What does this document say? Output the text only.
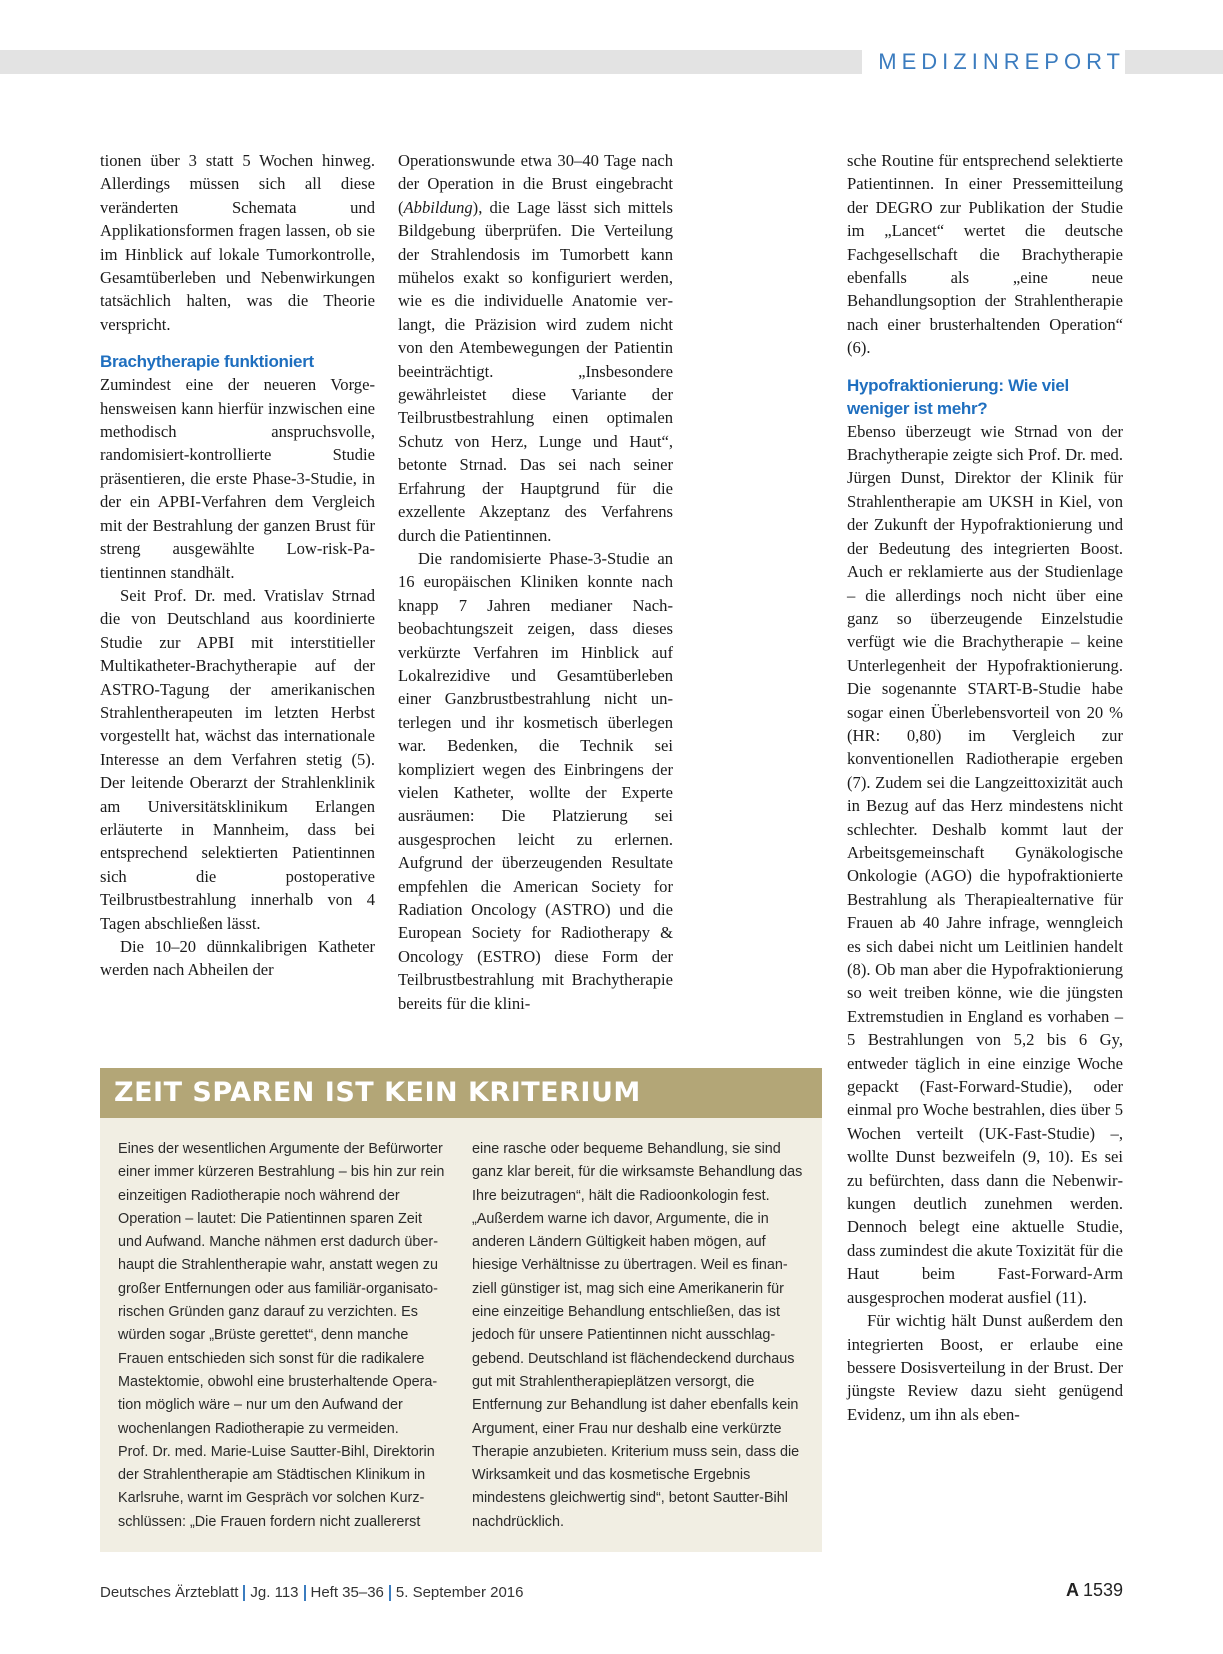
MEDIZINREPORT

tionen über 3 statt 5 Wochen hinweg. Allerdings müssen sich all diese veränderten Schemata und Applikationsformen fragen lassen, ob sie im Hinblick auf lokale Tumorkontrolle, Gesamtüberleben und Nebenwirkungen tatsächlich halten, was die Theorie verspricht.

Brachytherapie funktioniert

Zumindest eine der neueren Vorgehensweisen kann hierfür inzwischen eine methodisch anspruchsvolle, randomisiert-kontrollierte Studie präsentieren, die erste Phase-3-Studie, in der ein APBI-Verfahren dem Vergleich mit der Bestrahlung der ganzen Brust für streng ausgewählte Low-risk-Patientinnen standhält.

Seit Prof. Dr. med. Vratislav Strnad die von Deutschland aus koordinierte Studie zur APBI mit interstitieller Multikatheter-Brachytherapie auf der ASTRO-Tagung der amerikanischen Strahlentherapeuten im letzten Herbst vorgestellt hat, wächst das internationale Interesse an dem Verfahren stetig (5). Der leitende Oberarzt der Strahlenklinik am Universitätsklinikum Erlangen erläuterte in Mannheim, dass bei entsprechend selektierten Patientinnen sich die postoperative Teilbrustbestrahlung innerhalb von 4 Tagen abschließen lässt.

Die 10–20 dünnkalibrigen Katheter werden nach Abheilen der

Operationswunde etwa 30–40 Tage nach der Operation in die Brust eingebracht (Abbildung), die Lage lässt sich mittels Bildgebung überprüfen. Die Verteilung der Strahlendosis im Tumorbett kann mühelos exakt so konfiguriert werden, wie es die individuelle Anatomie verlangt, die Präzision wird zudem nicht von den Atembewegungen der Patientin beeinträchtigt. „Insbesondere gewährleistet diese Variante der Teilbrustbestrahlung einen optimalen Schutz von Herz, Lunge und Haut“, betonte Strnad. Das sei nach seiner Erfahrung der Hauptgrund für die exzellente Akzeptanz des Verfahrens durch die Patientinnen.

Die randomisierte Phase-3-Studie an 16 europäischen Kliniken konnte nach knapp 7 Jahren medianer Nachbeobachtungszeit zeigen, dass dieses verkürzte Verfahren im Hinblick auf Lokalrezidive und Gesamtüberleben einer Ganzbrustbestrahlung nicht unterlegen und ihr kosmetisch überlegen war. Bedenken, die Technik sei kompliziert wegen des Einbringens der vielen Katheter, wollte der Experte ausräumen: Die Platzierung sei ausgesprochen leicht zu erlernen. Aufgrund der überzeugenden Resultate empfehlen die American Society for Radiation Oncology (ASTRO) und die European Society for Radiotherapy & Oncology (ESTRO) diese Form der Teilbrustbestrahlung mit Brachytherapie bereits für die klini-

sche Routine für entsprechend selektierte Patientinnen. In einer Pressemitteilung der DEGRO zur Publikation der Studie im „Lancet“ wertet die deutsche Fachgesellschaft die Brachytherapie ebenfalls als „eine neue Behandlungsoption der Strahlentherapie nach einer brusterhaltenden Operation“ (6).

Hypofraktionierung: Wie viel weniger ist mehr?

Ebenso überzeugt wie Strnad von der Brachytherapie zeigte sich Prof. Dr. med. Jürgen Dunst, Direktor der Klinik für Strahlentherapie am UKSH in Kiel, von der Zukunft der Hypofraktionierung und der Bedeutung des integrierten Boost. Auch er reklamierte aus der Studienlage – die allerdings noch nicht über eine ganz so überzeugende Einzelstudie verfügt wie die Brachytherapie – keine Unterlegenheit der Hypofraktionierung. Die sogenannte START-B-Studie habe sogar einen Überlebensvorteil von 20 % (HR: 0,80) im Vergleich zur konventionellen Radiotherapie ergeben (7). Zudem sei die Langzeittoxizität auch in Bezug auf das Herz mindestens nicht schlechter. Deshalb kommt laut der Arbeitsgemeinschaft Gynäkologische Onkologie (AGO) die hypofraktionierte Bestrahlung als Therapiealternative für Frauen ab 40 Jahre infrage, wenngleich es sich dabei nicht um Leitlinien handelt (8). Ob man aber die Hypofraktionierung so weit treiben könne, wie die jüngsten Extremstudien in England es vorhaben – 5 Bestrahlungen von 5,2 bis 6 Gy, entweder täglich in eine einzige Woche gepackt (Fast-Forward-Studie), oder einmal pro Woche bestrahlen, dies über 5 Wochen verteilt (UK-Fast-Studie) –, wollte Dunst bezweifeln (9, 10). Es sei zu befürchten, dass dann die Nebenwirkungen deutlich zunehmen werden. Dennoch belegt eine aktuelle Studie, dass zumindest die akute Toxizität für die Haut beim Fast-Forward-Arm ausgesprochen moderat ausfiel (11).

Für wichtig hält Dunst außerdem den integrierten Boost, er erlaube eine bessere Dosisverteilung in der Brust. Der jüngste Review dazu sieht genügend Evidenz, um ihn als eben-

ZEIT SPAREN IST KEIN KRITERIUM

Eines der wesentlichen Argumente der Befürworter einer immer kürzeren Bestrahlung – bis hin zur rein einzeitigen Radiotherapie noch während der Operation – lautet: Die Patientinnen sparen Zeit und Aufwand. Manche nähmen erst dadurch überhaupt die Strahlentherapie wahr, anstatt wegen zu großer Entfernungen oder aus familiär-organisatorischen Gründen ganz darauf zu verzichten. Es würden sogar „Brüste gerettet“, denn manche Frauen entschieden sich sonst für die radikalere Mastektomie, obwohl eine brusterhaltende Operation möglich wäre – nur um den Aufwand der wochenlangen Radiotherapie zu vermeiden.

Prof. Dr. med. Marie-Luise Sautter-Bihl, Direktorin der Strahlentherapie am Städtischen Klinikum in Karlsruhe, warnt im Gespräch vor solchen Kurzschlüssen: „Die Frauen fordern nicht zuallererst

eine rasche oder bequeme Behandlung, sie sind ganz klar bereit, für die wirksamste Behandlung das Ihre beizutragen“, hält die Radioonkologin fest. „Außerdem warne ich davor, Argumente, die in anderen Ländern Gültigkeit haben mögen, auf hiesige Verhältnisse zu übertragen. Weil es finanziell günstiger ist, mag sich eine Amerikanerin für eine einzeitige Behandlung entschließen, das ist jedoch für unsere Patientinnen nicht ausschlaggebend. Deutschland ist flächendeckend durchaus gut mit Strahlentherapieplätzen versorgt, die Entfernung zur Behandlung ist daher ebenfalls kein Argument, einer Frau nur deshalb eine verkürzte Therapie anzubieten. Kriterium muss sein, dass die Wirksamkeit und das kosmetische Ergebnis mindestens gleichwertig sind“, betont Sautter-Bihl nachdrücklich.

Deutsches Ärzteblatt Jg. 113 Heft 35–36 5. September 2016	A 1539
